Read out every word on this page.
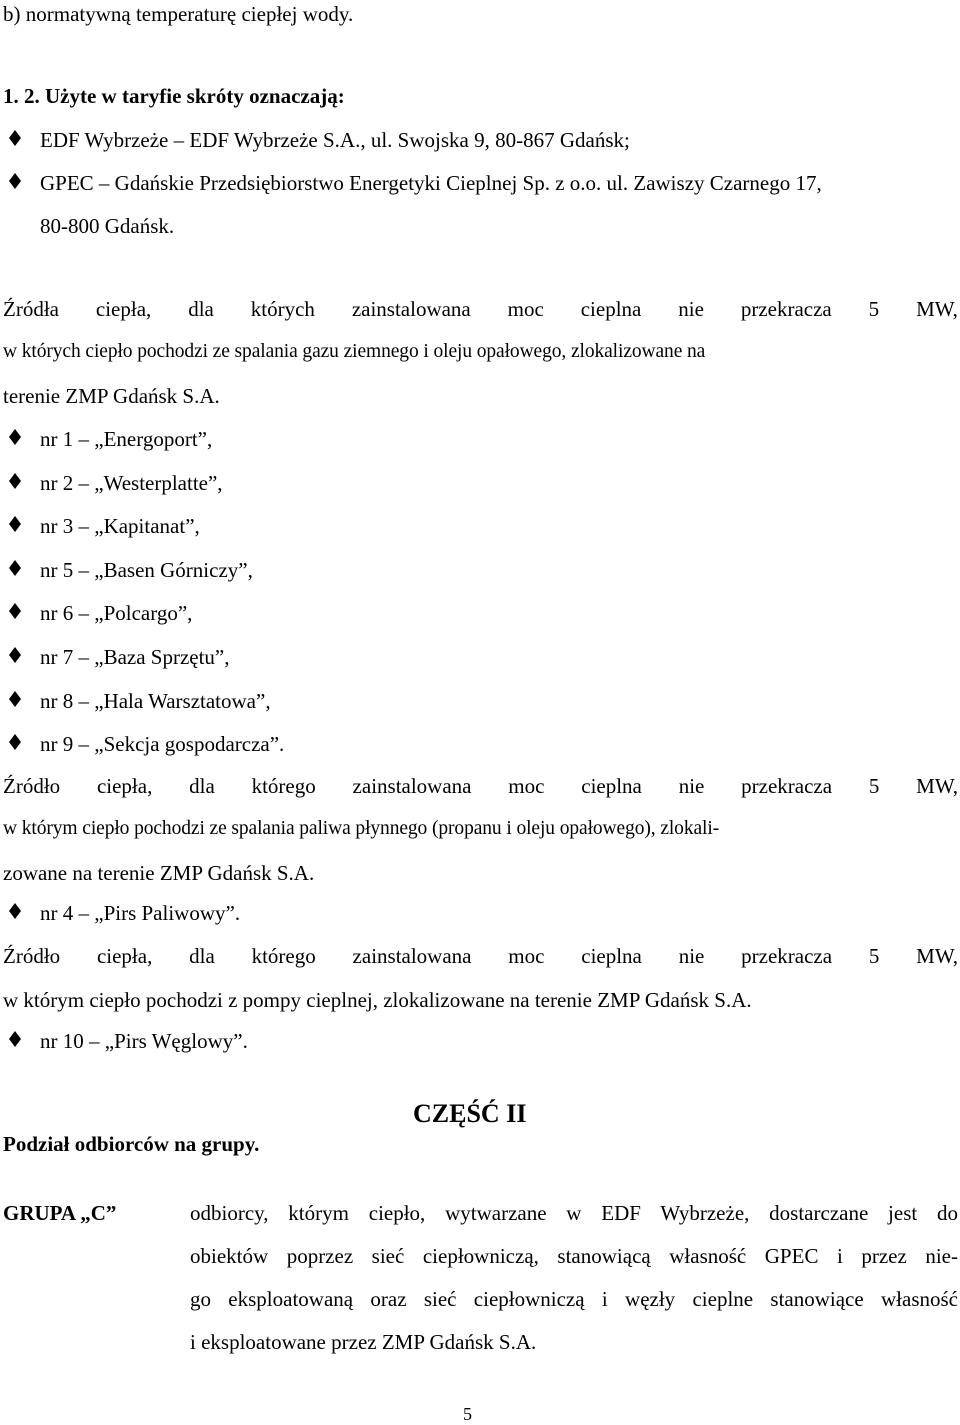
b) normatywną temperaturę ciepłej wody.
1. 2. Użyte w taryfie skróty oznaczają:
EDF Wybrzeże – EDF Wybrzeże S.A., ul. Swojska 9, 80-867 Gdańsk;
GPEC – Gdańskie Przedsiębiorstwo Energetyki Cieplnej Sp. z o.o. ul. Zawiszy Czarnego 17,
80-800 Gdańsk.
Źródła ciepła, dla których zainstalowana moc cieplna nie przekracza 5 MW,
w których ciepło pochodzi ze spalania gazu ziemnego i oleju opałowego, zlokalizowane na
terenie ZMP Gdańsk S.A.
nr 1 – „Energoport”,
nr 2 – „Westerplatte”,
nr 3 – „Kapitanat”,
nr 5 – „Basen Górniczy”,
nr 6 – „Polcargo”,
nr 7 – „Baza Sprzętu”,
nr 8 – „Hala Warsztatowa”,
nr 9 – „Sekcja gospodarcza”.
Źródło ciepła, dla którego zainstalowana moc cieplna nie przekracza 5 MW,
w którym ciepło pochodzi ze spalania paliwa płynnego (propanu i oleju opałowego), zlokali-
zowane na terenie ZMP Gdańsk S.A.
nr 4 – „Pirs Paliwowy”.
Źródło ciepła, dla którego zainstalowana moc cieplna nie przekracza 5 MW,
w którym ciepło pochodzi z pompy cieplnej, zlokalizowane na terenie ZMP Gdańsk S.A.
nr 10 – „Pirs Węglowy”.
CZĘŚĆ II
Podział odbiorców na grupy.
GRUPA „C”	odbiorcy, którym ciepło, wytwarzane w EDF Wybrzeże, dostarczane jest do
obiektów poprzez sieć ciepłowniczą, stanowiącą własność GPEC i przez nie-
go eksploatowaną oraz sieć ciepłowniczą i węzły cieplne stanowiące własność
i eksploatowane przez ZMP Gdańsk S.A.
5
